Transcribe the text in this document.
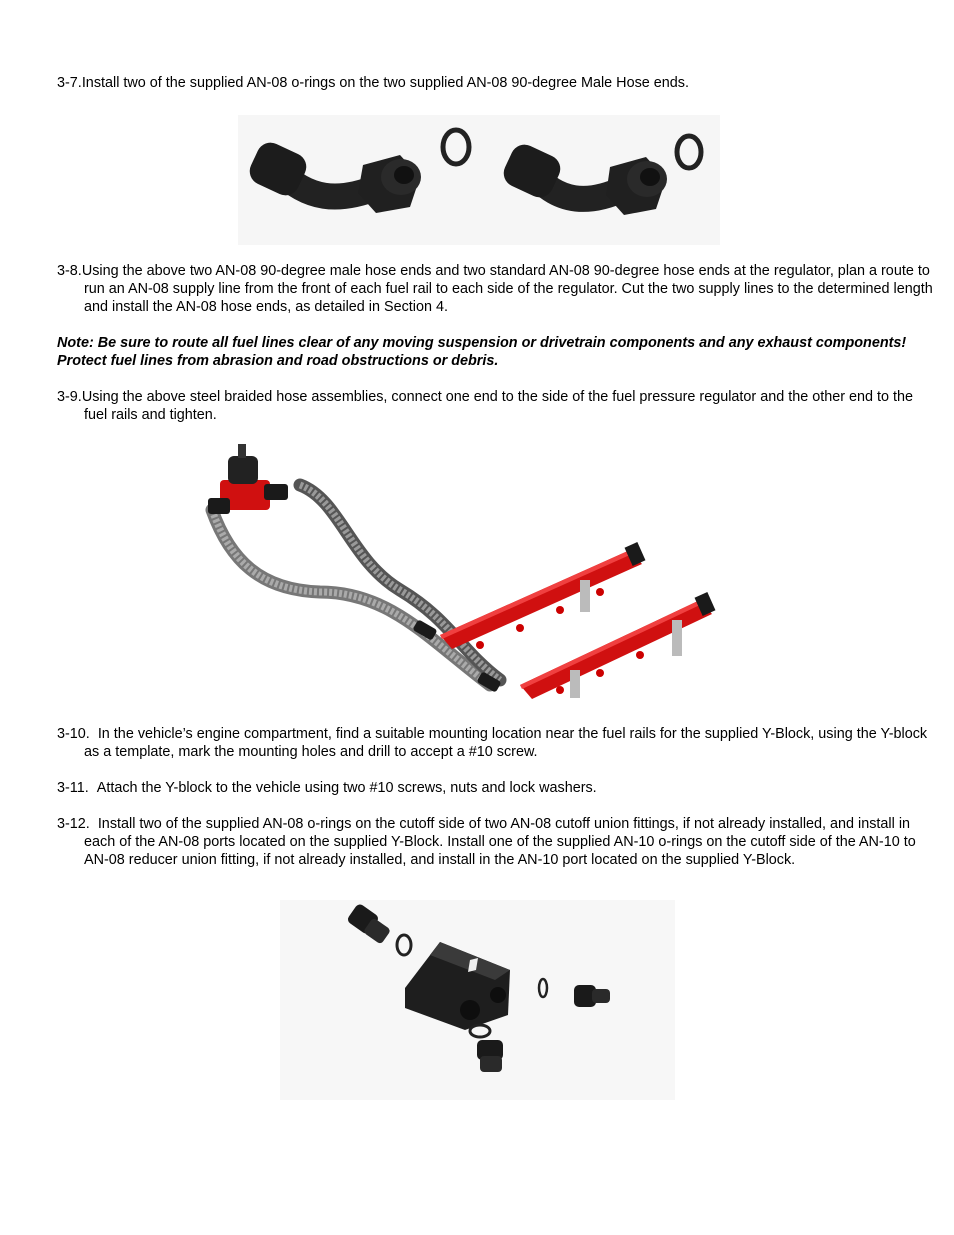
3-7.Install two of the supplied AN-08 o-rings on the two supplied AN-08 90-degree Male Hose ends.

3-8.Using the above two AN-08 90-degree male hose ends and two standard AN-08 90-degree hose ends at the regulator, plan a route to run an AN-08 supply line from the front of each fuel rail to each side of the regulator. Cut the two supply lines to the determined length and install the AN-08 hose ends, as detailed in Section 4.

Note: Be sure to route all fuel lines clear of any moving suspension or drivetrain components and any exhaust components! Protect fuel lines from abrasion and road obstructions or debris.

3-9.Using the above steel braided hose assemblies, connect one end to the side of the fuel pressure regulator and the other end to the fuel rails and tighten.

3-10. In the vehicle’s engine compartment, find a suitable mounting location near the fuel rails for the supplied Y-Block, using the Y-block as a template, mark the mounting holes and drill to accept a #10 screw.

3-11. Attach the Y-block to the vehicle using two #10 screws, nuts and lock washers.

3-12. Install two of the supplied AN-08 o-rings on the cutoff side of two AN-08 cutoff union fittings, if not already installed, and install in each of the AN-08 ports located on the supplied Y-Block. Install one of the supplied AN-10 o-rings on the cutoff side of the AN-10 to AN-08 reducer union fitting, if not already installed, and install in the AN-10 port located on the supplied Y-Block.
